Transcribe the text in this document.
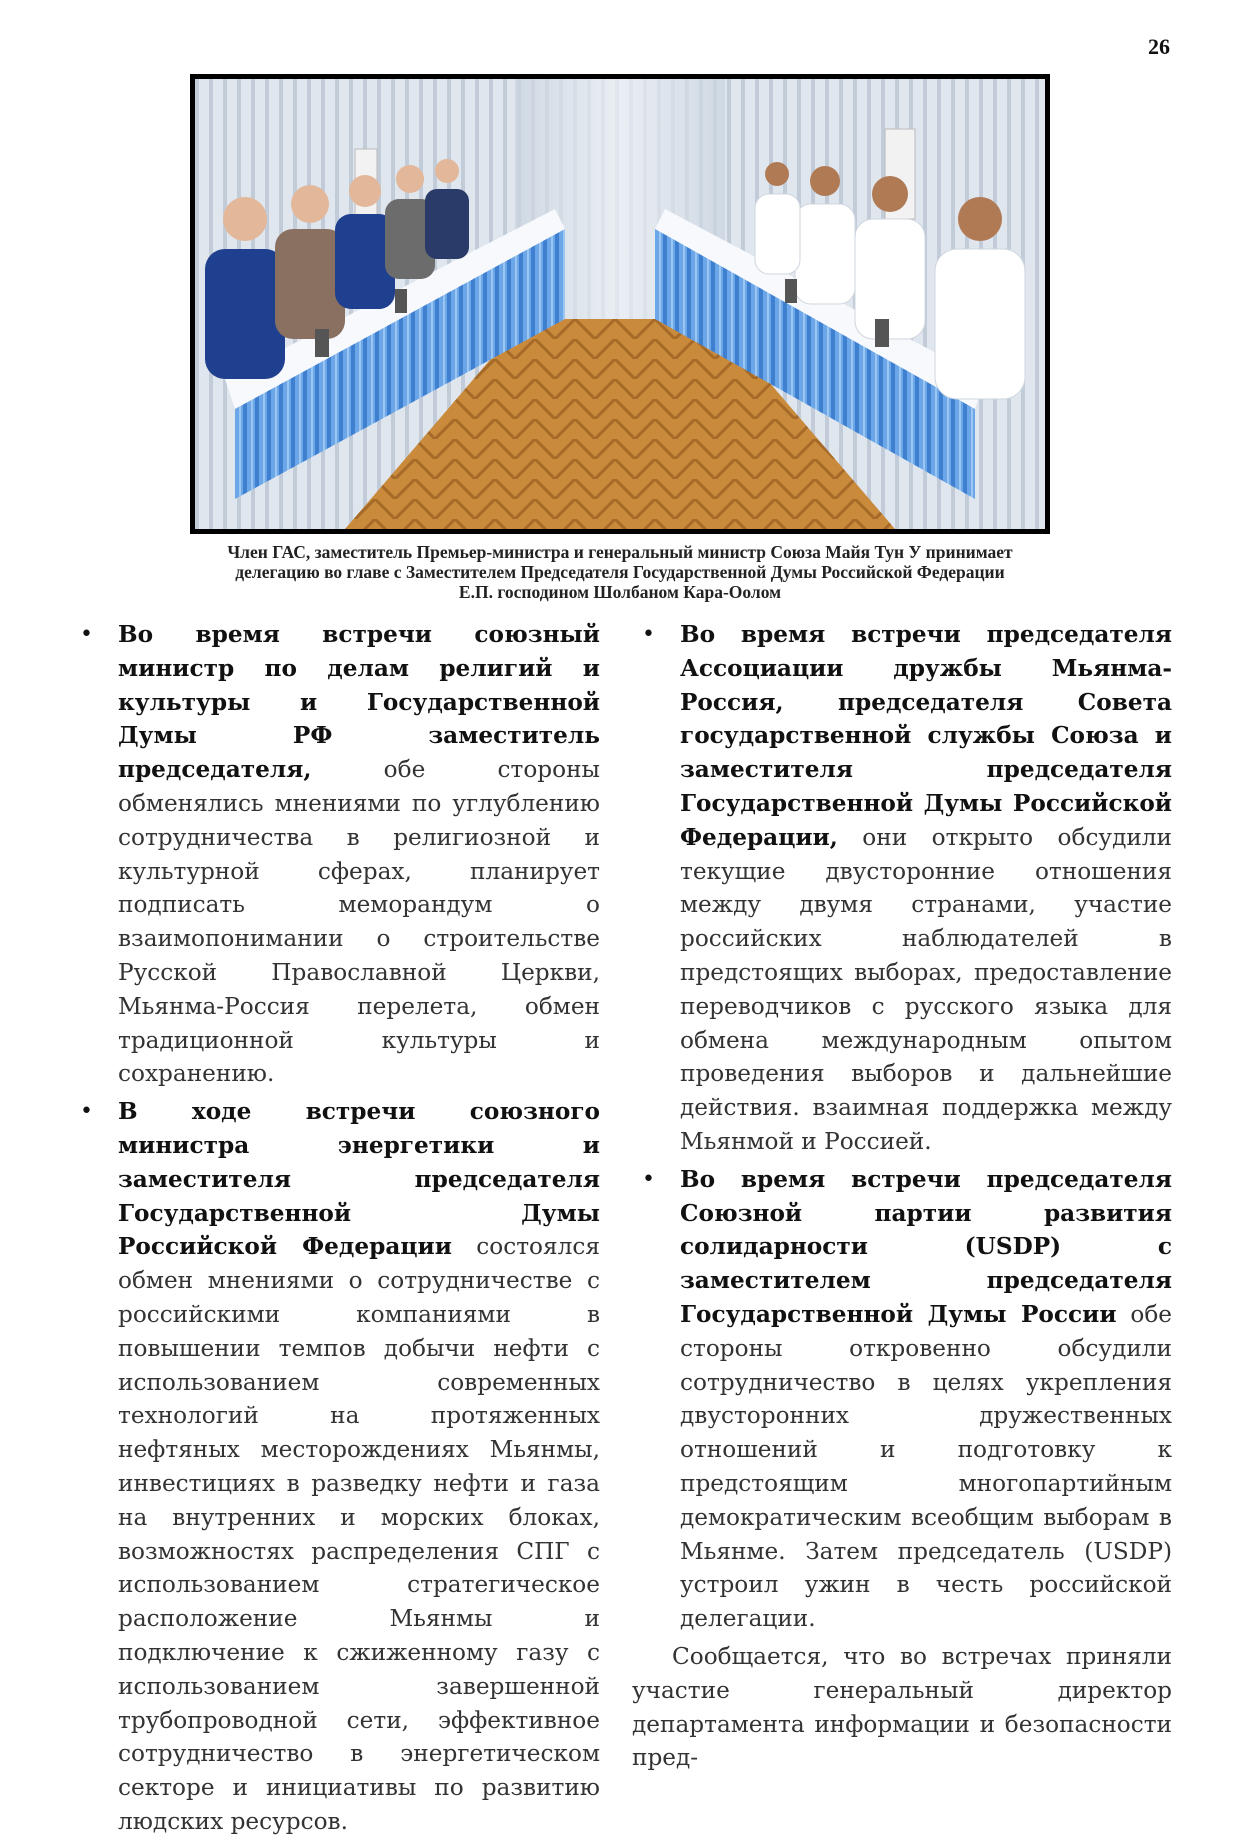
26
Член ГАС, заместитель Премьер-министра и генеральный министр Союза Майя Тун У принимает
делегацию во главе с Заместителем Председателя Государственной Думы Российской Федерации
Е.П. господином Шолбаном Кара-Оолом
• Во время встречи союзный министр по делам религий и культуры и Государственной Думы РФ заместитель председателя, обе стороны обменялись мнениями по углублению сотрудничества в религиозной и культурной сферах, планирует подписать меморандум о взаимопонимании о строительстве Русской Православной Церкви, Мьянма-Россия перелета, обмен традиционной культуры и сохранению.
• В ходе встречи союзного министра энергетики и заместителя председателя Государственной Думы Российской Федерации состоялся обмен мнениями о сотрудничестве с российскими компаниями в повышении темпов добычи нефти с использованием современных технологий на протяженных нефтяных месторождениях Мьянмы, инвестициях в разведку нефти и газа на внутренних и морских блоках, возможностях распределения СПГ с использованием стратегическое расположение Мьянмы и подключение к сжиженному газу с использованием завершенной трубопроводной сети, эффективное сотрудничество в энергетическом секторе и инициативы по развитию людских ресурсов.
• Во время встречи председателя Ассоциации дружбы Мьянма-Россия, председателя Совета государственной службы Союза и заместителя председателя Государственной Думы Российской Федерации, они открыто обсудили текущие двусторонние отношения между двумя странами, участие российских наблюдателей в предстоящих выборах, предоставление переводчиков с русского языка для обмена международным опытом проведения выборов и дальнейшие действия. взаимная поддержка между Мьянмой и Россией.
• Во время встречи председателя Союзной партии развития солидарности (USDP) с заместителем председателя Государственной Думы России обе стороны откровенно обсудили сотрудничество в целях укрепления двусторонних дружественных отношений и подготовку к предстоящим многопартийным демократическим всеобщим выборам в Мьянме. Затем председатель (USDP) устроил ужин в честь российской делегации.

Сообщается, что во встречах приняли участие генеральный директор департамента информации и безопасности пред-
